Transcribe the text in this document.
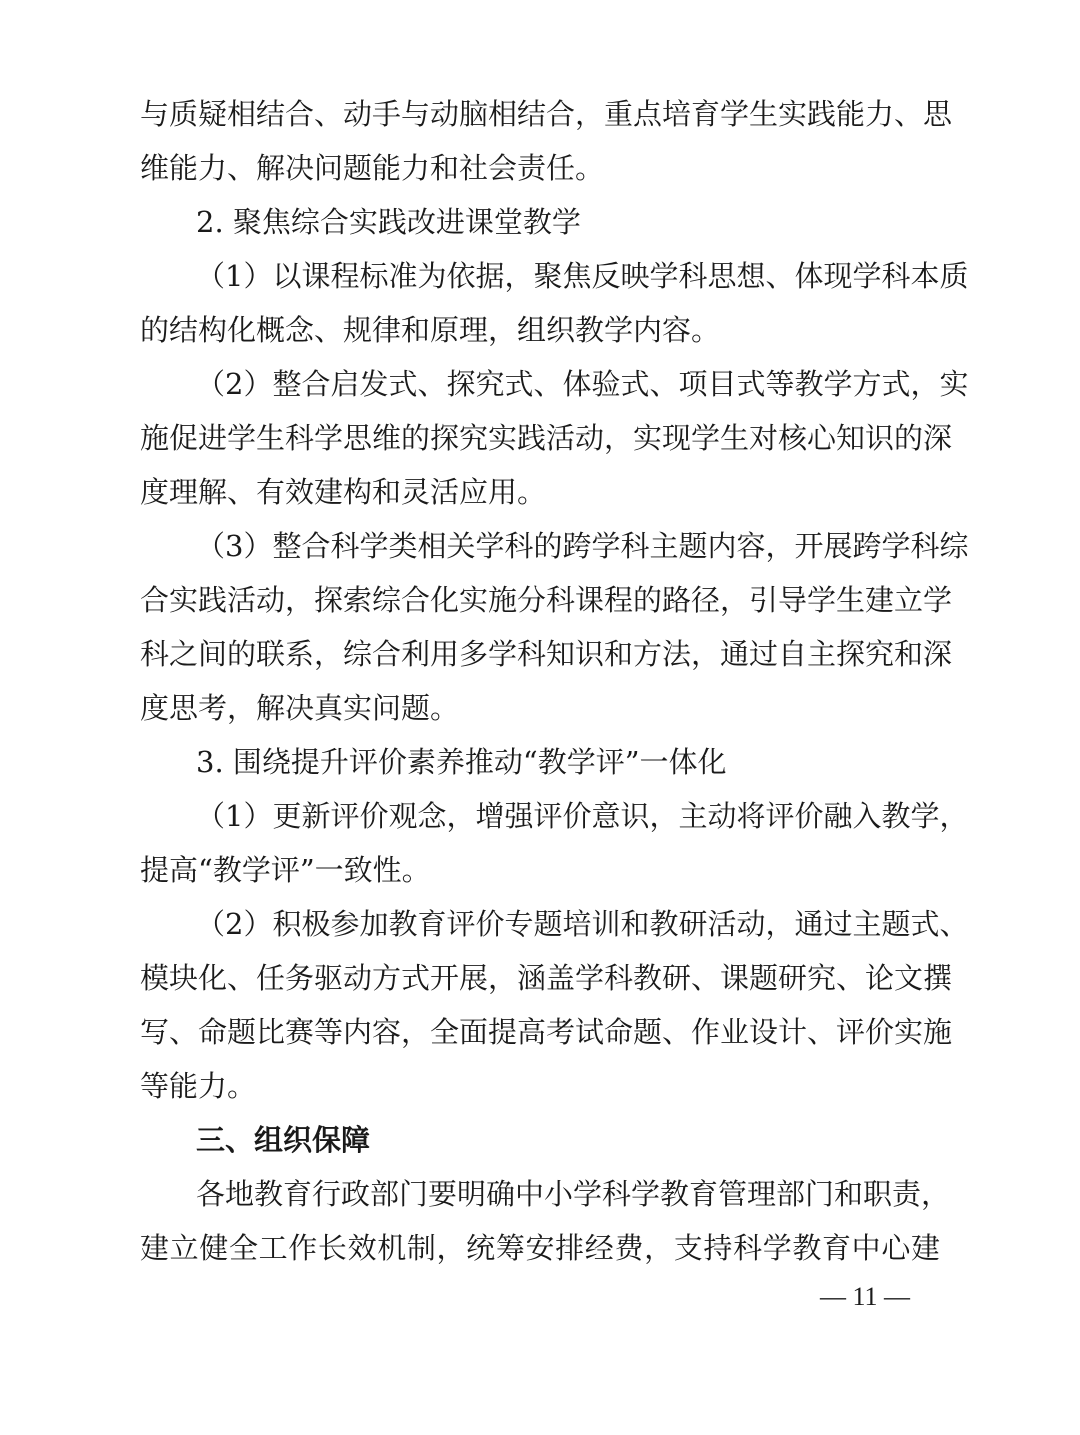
与质疑相结合、动手与动脑相结合，重点培育学生实践能力、思
维能力、解决问题能力和社会责任。
2. 聚焦综合实践改进课堂教学
（1）以课程标准为依据，聚焦反映学科思想、体现学科本质
的结构化概念、规律和原理，组织教学内容。
（2）整合启发式、探究式、体验式、项目式等教学方式，实
施促进学生科学思维的探究实践活动，实现学生对核心知识的深
度理解、有效建构和灵活应用。
（3）整合科学类相关学科的跨学科主题内容，开展跨学科综
合实践活动，探索综合化实施分科课程的路径，引导学生建立学
科之间的联系，综合利用多学科知识和方法，通过自主探究和深
度思考，解决真实问题。
3. 围绕提升评价素养推动“教学评”一体化
（1）更新评价观念，增强评价意识，主动将评价融入教学，
提高“教学评”一致性。
（2）积极参加教育评价专题培训和教研活动，通过主题式、
模块化、任务驱动方式开展，涵盖学科教研、课题研究、论文撰
写、命题比赛等内容，全面提高考试命题、作业设计、评价实施
等能力。
三、组织保障
各地教育行政部门要明确中小学科学教育管理部门和职责，
建立健全工作长效机制，统筹安排经费，支持科学教育中心建
— 11 —
